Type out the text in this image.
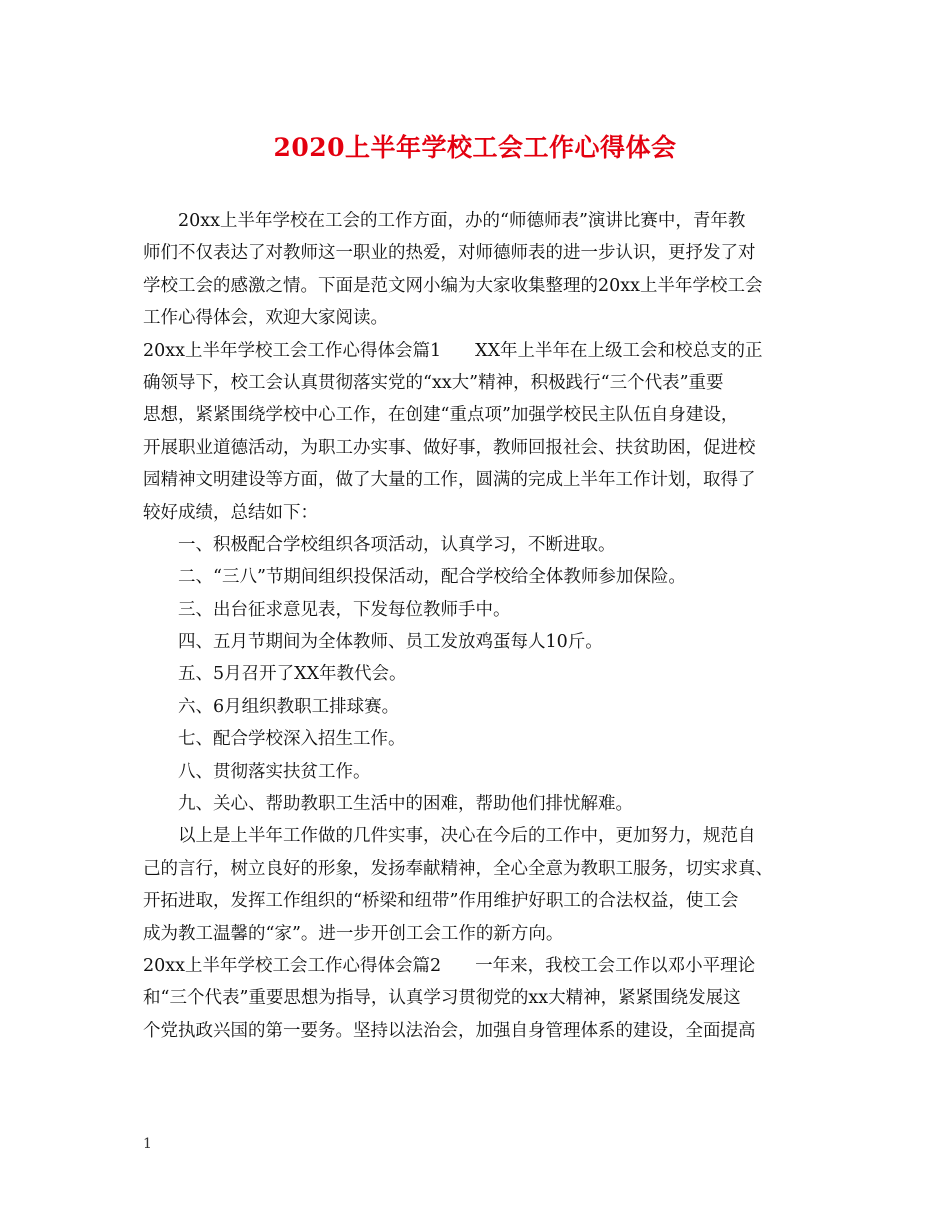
2020上半年学校工会工作心得体会
20xx上半年学校在工会的工作方面，办的“师德师表”演讲比赛中，青年教
师们不仅表达了对教师这一职业的热爱，对师德师表的进一步认识，更抒发了对
学校工会的感激之情。下面是范文网小编为大家收集整理的20xx上半年学校工会
工作心得体会，欢迎大家阅读。
20xx上半年学校工会工作心得体会篇1 XX年上半年在上级工会和校总支的正
确领导下，校工会认真贯彻落实党的“xx大”精神，积极践行“三个代表”重要
思想，紧紧围绕学校中心工作，在创建“重点项”加强学校民主队伍自身建设，
开展职业道德活动，为职工办实事、做好事，教师回报社会、扶贫助困，促进校
园精神文明建设等方面，做了大量的工作，圆满的完成上半年工作计划，取得了
较好成绩，总结如下：
一、积极配合学校组织各项活动，认真学习，不断进取。
二、“三八”节期间组织投保活动，配合学校给全体教师参加保险。
三、出台征求意见表，下发每位教师手中。
四、五月节期间为全体教师、员工发放鸡蛋每人10斤。
五、5月召开了XX年教代会。
六、6月组织教职工排球赛。
七、配合学校深入招生工作。
八、贯彻落实扶贫工作。
九、关心、帮助教职工生活中的困难，帮助他们排忧解难。
以上是上半年工作做的几件实事，决心在今后的工作中，更加努力，规范自
己的言行，树立良好的形象，发扬奉献精神，全心全意为教职工服务，切实求真、
开拓进取，发挥工作组织的“桥梁和纽带”作用维护好职工的合法权益，使工会
成为教工温馨的“家”。进一步开创工会工作的新方向。
20xx上半年学校工会工作心得体会篇2 一年来，我校工会工作以邓小平理论
和“三个代表”重要思想为指导，认真学习贯彻党的xx大精神，紧紧围绕发展这
个党执政兴国的第一要务。坚持以法治会，加强自身管理体系的建设，全面提高
1
